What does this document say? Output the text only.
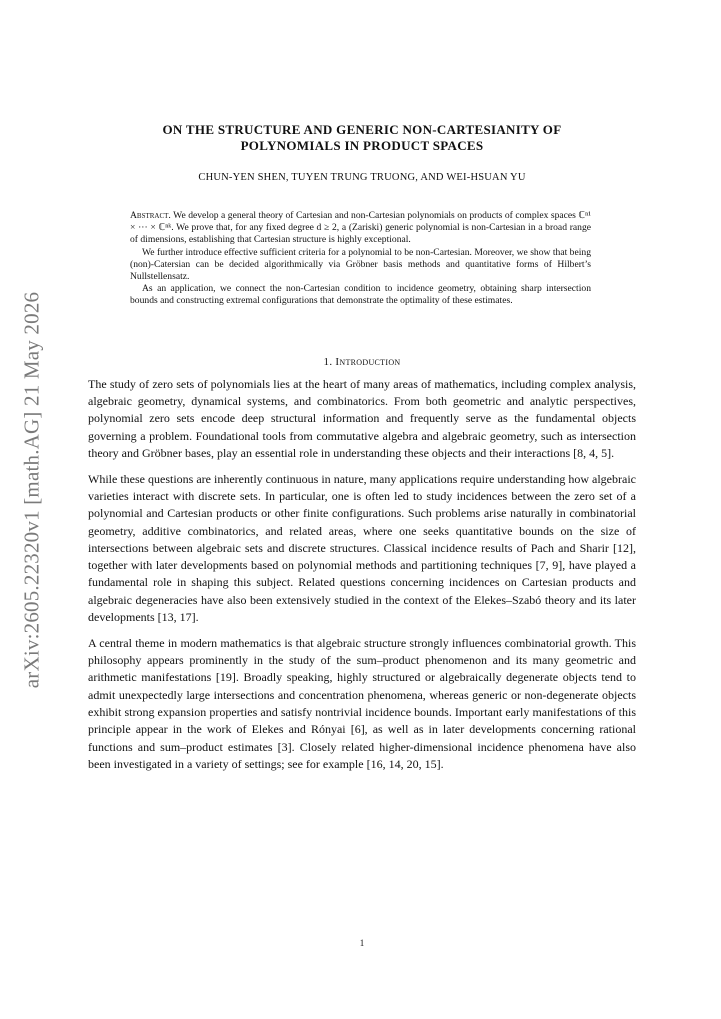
arXiv:2605.22320v1 [math.AG] 21 May 2026
ON THE STRUCTURE AND GENERIC NON-CARTESIANITY OF
POLYNOMIALS IN PRODUCT SPACES
CHUN-YEN SHEN, TUYEN TRUNG TRUONG, AND WEI-HSUAN YU

Abstract. We develop a general theory of Cartesian and non-Cartesian polynomials on products of complex spaces ℂⁿ¹ × ··· × ℂⁿᵏ. We prove that, for any fixed degree d ≥ 2, a (Zariski) generic polynomial is non-Cartesian in a broad range of dimensions, establishing that Cartesian structure is highly exceptional.

We further introduce effective sufficient criteria for a polynomial to be non-Cartesian. Moreover, we show that being (non)-Catersian can be decided algorithmically via Gröbner basis methods and quantitative forms of Hilbert’s Nullstellensatz.

As an application, we connect the non-Cartesian condition to incidence geometry, obtaining sharp intersection bounds and constructing extremal configurations that demonstrate the optimality of these estimates.

1. Introduction

The study of zero sets of polynomials lies at the heart of many areas of mathematics, including complex analysis, algebraic geometry, dynamical systems, and combinatorics. From both geometric and analytic perspectives, polynomial zero sets encode deep structural information and frequently serve as the fundamental objects governing a problem. Foundational tools from commutative algebra and algebraic geometry, such as intersection theory and Gröbner bases, play an essential role in understanding these objects and their interactions [8, 4, 5].

While these questions are inherently continuous in nature, many applications require understanding how algebraic varieties interact with discrete sets. In particular, one is often led to study incidences between the zero set of a polynomial and Cartesian products or other finite configurations. Such problems arise naturally in combinatorial geometry, additive combinatorics, and related areas, where one seeks quantitative bounds on the size of intersections between algebraic sets and discrete structures. Classical incidence results of Pach and Sharir [12], together with later developments based on polynomial methods and partitioning techniques [7, 9], have played a fundamental role in shaping this subject. Related questions concerning incidences on Cartesian products and algebraic degeneracies have also been extensively studied in the context of the Elekes–Szabó theory and its later developments [13, 17].

A central theme in modern mathematics is that algebraic structure strongly influences combinatorial growth. This philosophy appears prominently in the study of the sum–product phenomenon and its many geometric and arithmetic manifestations [19]. Broadly speaking, highly structured or algebraically degenerate objects tend to admit unexpectedly large intersections and concentration phenomena, whereas generic or non-degenerate objects exhibit strong expansion properties and satisfy nontrivial incidence bounds. Important early manifestations of this principle appear in the work of Elekes and Rónyai [6], as well as in later developments concerning rational functions and sum–product estimates [3]. Closely related higher-dimensional incidence phenomena have also been investigated in a variety of settings; see for example [16, 14, 20, 15].

1
